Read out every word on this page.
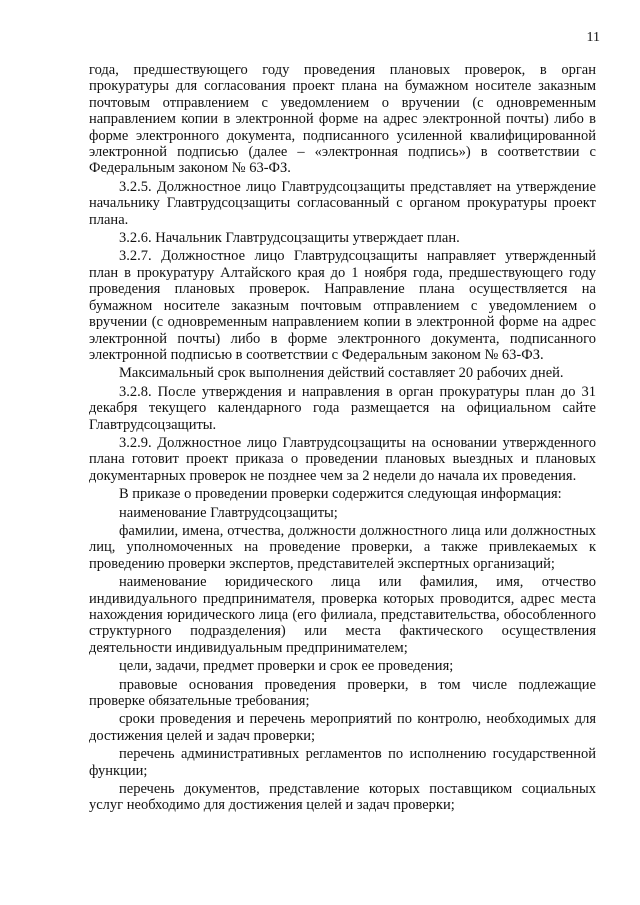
11

года, предшествующего году проведения плановых проверок, в орган прокуратуры для согласования проект плана на бумажном носителе заказным почтовым отправлением с уведомлением о вручении (с одновременным направлением копии в электронной форме на адрес электронной почты) либо в форме электронного документа, подписанного усиленной квалифицированной электронной подписью (далее – «электронная подпись») в соответствии с Федеральным законом № 63-ФЗ.

3.2.5. Должностное лицо Главтрудсоцзащиты представляет на утверждение начальнику Главтрудсоцзащиты согласованный с органом прокуратуры проект плана.

3.2.6. Начальник Главтрудсоцзащиты утверждает план.

3.2.7. Должностное лицо Главтрудсоцзащиты направляет утвержденный план в прокуратуру Алтайского края до 1 ноября года, предшествующего году проведения плановых проверок. Направление плана осуществляется на бумажном носителе заказным почтовым отправлением с уведомлением о вручении (с одновременным направлением копии в электронной форме на адрес электронной почты) либо в форме электронного документа, подписанного электронной подписью в соответствии с Федеральным законом № 63-ФЗ.

Максимальный срок выполнения действий составляет 20 рабочих дней.

3.2.8. После утверждения и направления в орган прокуратуры план до 31 декабря текущего календарного года размещается на официальном сайте Главтрудсоцзащиты.

3.2.9. Должностное лицо Главтрудсоцзащиты на основании утвержденного плана готовит проект приказа о проведении плановых выездных и плановых документарных проверок не позднее чем за 2 недели до начала их проведения.

В приказе о проведении проверки содержится следующая информация:

наименование Главтрудсоцзащиты;

фамилии, имена, отчества, должности должностного лица или должностных лиц, уполномоченных на проведение проверки, а также привлекаемых к проведению проверки экспертов, представителей экспертных организаций;

наименование юридического лица или фамилия, имя, отчество индивидуального предпринимателя, проверка которых проводится, адрес места нахождения юридического лица (его филиала, представительства, обособленного структурного подразделения) или места фактического осуществления деятельности индивидуальным предпринимателем;

цели, задачи, предмет проверки и срок ее проведения;

правовые основания проведения проверки, в том числе подлежащие проверке обязательные требования;

сроки проведения и перечень мероприятий по контролю, необходимых для достижения целей и задач проверки;

перечень административных регламентов по исполнению государственной функции;

перечень документов, представление которых поставщиком социальных услуг необходимо для достижения целей и задач проверки;
